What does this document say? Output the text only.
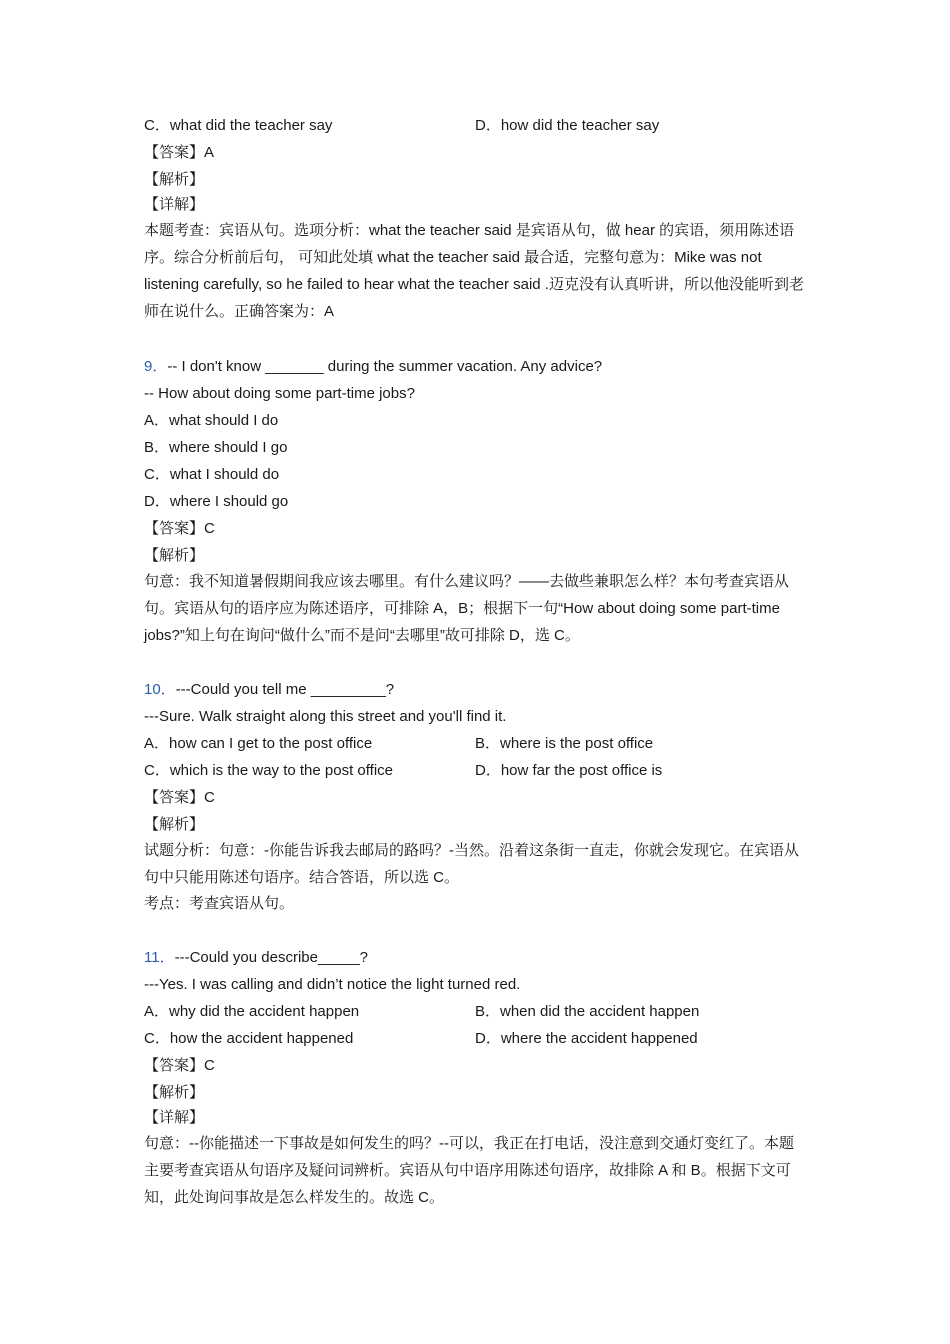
C．what did the teacher say	D．how did the teacher say
【答案】A
【解析】
【详解】
本题考查：宾语从句。选项分析：what the teacher said 是宾语从句，做 hear 的宾语，须用陈述语序。综合分析前后句， 可知此处填 what the teacher said 最合适，完整句意为：Mike was not listening carefully, so he failed to hear what the teacher said .迈克没有认真听讲，所以他没能听到老师在说什么。正确答案为：A
9．-- I don't know _______ during the summer vacation. Any advice?
-- How about doing some part-time jobs?
A．what should I do
B．where should I go
C．what I should do
D．where I should go
【答案】C
【解析】
句意：我不知道暑假期间我应该去哪里。有什么建议吗？——去做些兼职怎么样？本句考查宾语从句。宾语从句的语序应为陈述语序，可排除 A，B；根据下一句“How about doing some part-time jobs?”知上句在询问“做什么”而不是问“去哪里”故可排除 D，选 C。
10．---Could you tell me _________?
---Sure. Walk straight along this street and you'll find it.
A．how can I get to the post office	B．where is the post office
C．which is the way to the post office	D．how far the post office is
【答案】C
【解析】
试题分析：句意：-你能告诉我去邮局的路吗？-当然。沿着这条街一直走，你就会发现它。在宾语从句中只能用陈述句语序。结合答语，所以选 C。
考点：考查宾语从句。
11．---Could you describe_____?
---Yes. I was calling and didn’t notice the light turned red.
A．why did the accident happen	B．when did the accident happen
C．how the accident happened	D．where the accident happened
【答案】C
【解析】
【详解】
句意：--你能描述一下事故是如何发生的吗？--可以，我正在打电话，没注意到交通灯变红了。本题主要考查宾语从句语序及疑问词辨析。宾语从句中语序用陈述句语序，故排除 A 和 B。根据下文可知，此处询问事故是怎么样发生的。故选 C。
